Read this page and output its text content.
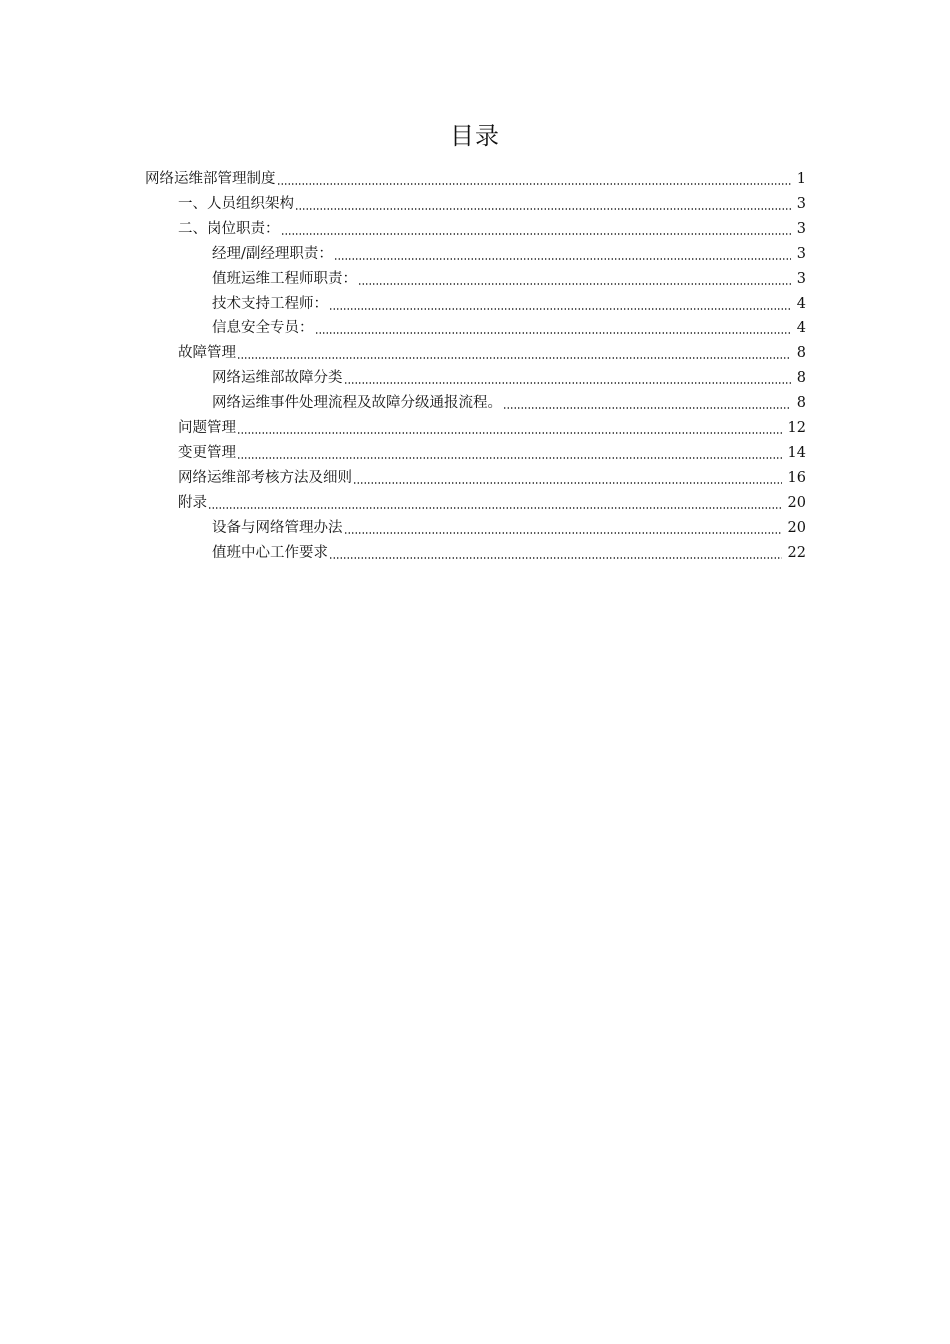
目录
网络运维部管理制度	1
一、人员组织架构	3
二、岗位职责：	3
经理/副经理职责：	3
值班运维工程师职责：	3
技术支持工程师：	4
信息安全专员：	4
故障管理	8
网络运维部故障分类	8
网络运维事件处理流程及故障分级通报流程。	8
问题管理	12
变更管理	14
网络运维部考核方法及细则	16
附录	20
设备与网络管理办法	20
值班中心工作要求	22
